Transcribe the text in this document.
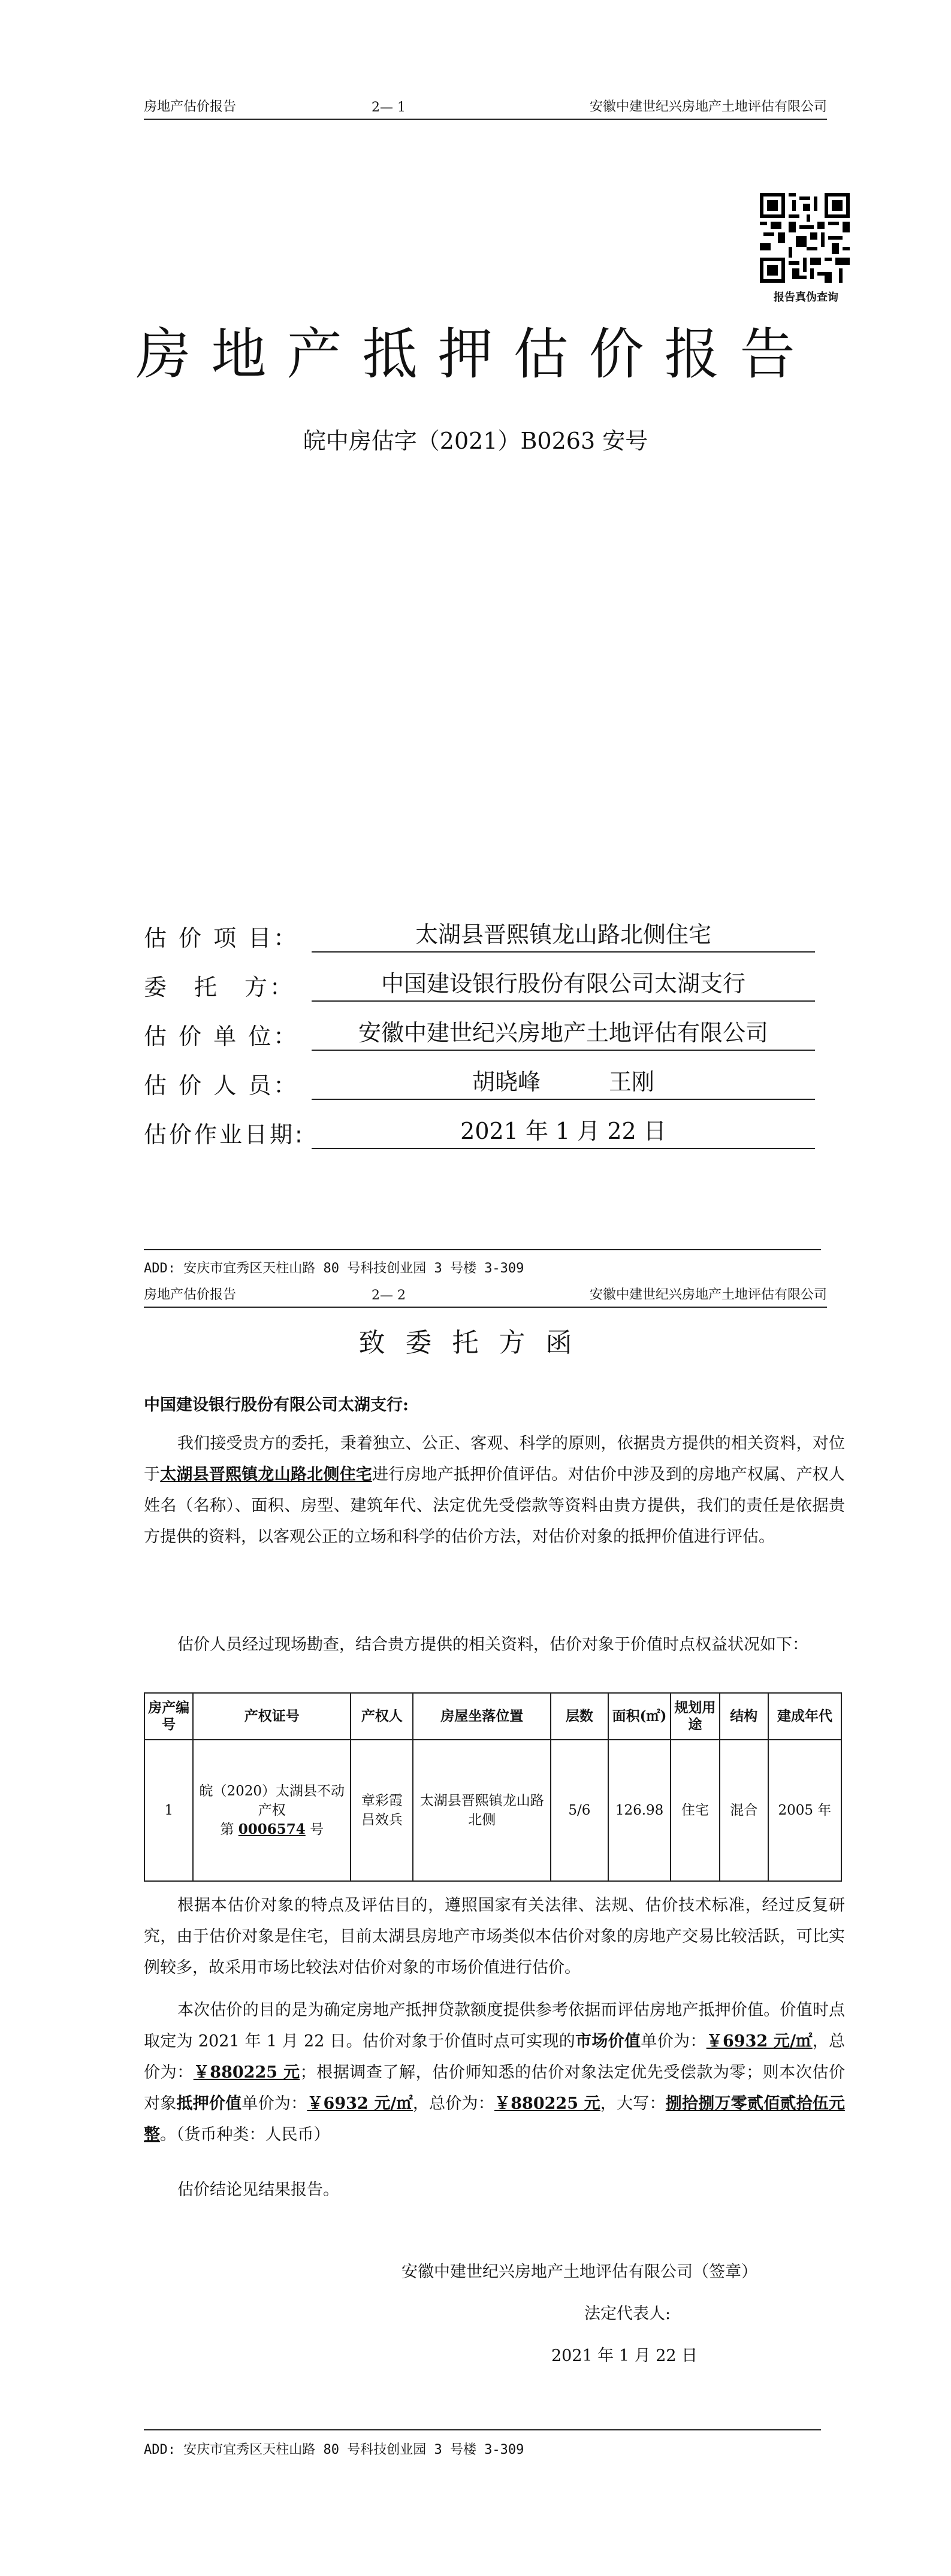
房地产估价报告	2— 1	安徽中建世纪兴房地产土地评估有限公司
报告真伪查询
房地产抵押估价报告
皖中房估字（2021）B0263 安号
估 价 项 目：	太湖县晋熙镇龙山路北侧住宅
委　托　方：	中国建设银行股份有限公司太湖支行
估 价 单 位：	安徽中建世纪兴房地产土地评估有限公司
估 价 人 员：	胡晓峰　　　王刚
估价作业日期:	2021 年 1 月 22 日
ADD: 安庆市宜秀区天柱山路 80 号科技创业园 3 号楼 3-309
房地产估价报告	2— 2	安徽中建世纪兴房地产土地评估有限公司
致委托方函
中国建设银行股份有限公司太湖支行:

我们接受贵方的委托，秉着独立、公正、客观、科学的原则，依据贵方提供的相关资料，对位于太湖县晋熙镇龙山路北侧住宅进行房地产抵押价值评估。对估价中涉及到的房地产权属、产权人姓名（名称）、面积、房型、建筑年代、法定优先受偿款等资料由贵方提供，我们的责任是依据贵方提供的资料，以客观公正的立场和科学的估价方法，对估价对象的抵押价值进行评估。

估价人员经过现场勘查，结合贵方提供的相关资料，估价对象于价值时点权益状况如下：

房产编号	产权证号	产权人	房屋坐落位置	层数	面积(㎡)	规划用途	结构	建成年代
1	皖（2020）太湖县不动产权
第 0006574 号	章彩霞 吕效兵	太湖县晋熙镇龙山路北侧	5/6	126.98	住宅	混合	2005 年

根据本估价对象的特点及评估目的，遵照国家有关法律、法规、估价技术标准，经过反复研究，由于估价对象是住宅，目前太湖县房地产市场类似本估价对象的房地产交易比较活跃，可比实例较多，故采用市场比较法对估价对象的市场价值进行估价。

本次估价的目的是为确定房地产抵押贷款额度提供参考依据而评估房地产抵押价值。价值时点取定为 2021 年 1 月 22 日。估价对象于价值时点可实现的市场价值单价为：￥6932 元/㎡，总价为：￥880225 元；根据调查了解，估价师知悉的估价对象法定优先受偿款为零；则本次估价对象抵押价值单价为：￥6932 元/㎡，总价为：￥880225 元，大写：捌拾捌万零贰佰贰拾伍元整。（货币种类：人民币）

估价结论见结果报告。

安徽中建世纪兴房地产土地评估有限公司（签章）
法定代表人:
2021 年 1 月 22 日
ADD: 安庆市宜秀区天柱山路 80 号科技创业园 3 号楼 3-309
